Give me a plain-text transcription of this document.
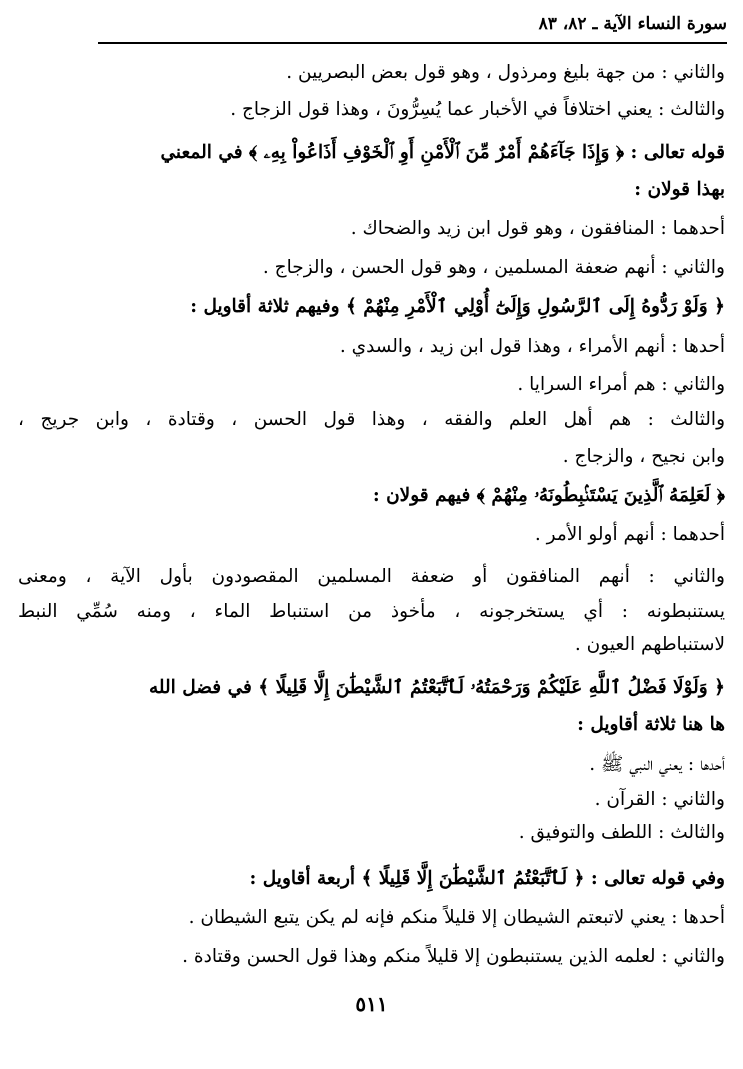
سورة النساء الآية ـ ٨٢، ٨٣
والثاني : من جهة بليغ ومرذول ، وهو قول بعض البصريين .
والثالث : يعني اختلافاً في الأخبار عما يُسِرُّونَ ، وهذا قول الزجاج .
قوله تعالى : ﴿ وَإِذَا جَآءَهُمْ أَمْرٌ مِّنَ ٱلْأَمْنِ أَوِ ٱلْخَوْفِ أَذَاعُواْ بِهِۦ ﴾ في المعني
بهذا قولان :
أحدهما : المنافقون ، وهو قول ابن زيد والضحاك .
والثاني : أنهم ضعفة المسلمين ، وهو قول الحسن ، والزجاج .
﴿ وَلَوْ رَدُّوهُ إِلَى ٱلرَّسُولِ وَإِلَىٰٓ أُوْلِي ٱلْأَمْرِ مِنْهُمْ ﴾ وفيهم ثلاثة أقاويل :
أحدها : أنهم الأمراء ، وهذا قول ابن زيد ، والسدي .
والثاني : هم أمراء السرايا .
والثالث : هم أهل العلم والفقه ، وهذا قول الحسن ، وقتادة ، وابن جريج ،
وابن نجيح ، والزجاج .
﴿ لَعَلِمَهُ ٱلَّذِينَ يَسْتَنۢبِطُونَهُۥ مِنْهُمْ ﴾ فيهم قولان :
أحدهما : أنهم أولو الأمر .
والثاني : أنهم المنافقون أو ضعفة المسلمين المقصودون بأول الآية ، ومعنى
يستنبطونه : أي يستخرجونه ، مأخوذ من استنباط الماء ، ومنه سُمِّي النبط
لاستنباطهم العيون .
﴿ وَلَوْلَا فَضْلُ ٱللَّهِ عَلَيْكُمْ وَرَحْمَتُهُۥ لَٱتَّبَعْتُمُ ٱلشَّيْطَٰنَ إِلَّا قَلِيلًا ﴾ في فضل الله
ها هنا ثلاثة أقاويل :
أحدها : يعني النبي ﷺ .
والثاني : القرآن .
والثالث : اللطف والتوفيق .
وفي قوله تعالى : ﴿ لَٱتَّبَعْتُمُ ٱلشَّيْطَٰنَ إِلَّا قَلِيلًا ﴾ أربعة أقاويل :
أحدها : يعني لاتبعتم الشيطان إلا قليلاً منكم فإنه لم يكن يتبع الشيطان .
والثاني : لعلمه الذين يستنبطون إلا قليلاً منكم وهذا قول الحسن وقتادة .
٥١١
